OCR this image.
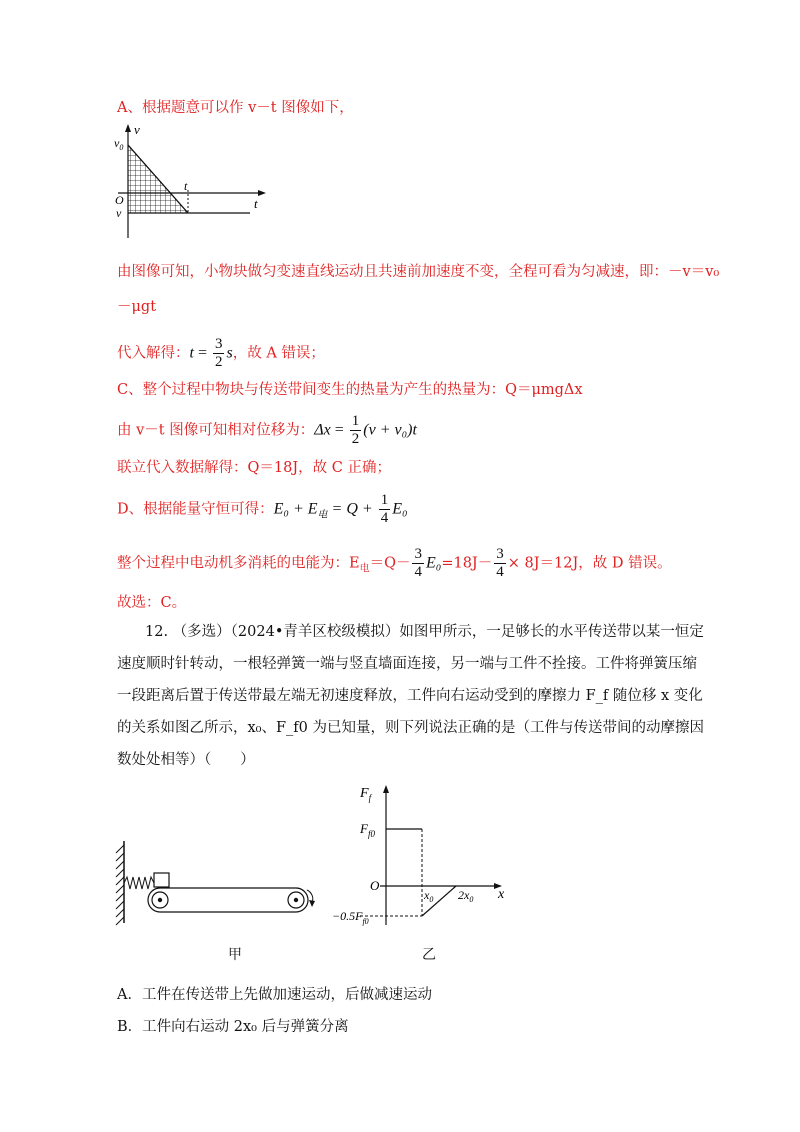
A、根据题意可以作 v－t 图像如下，
$v_0$
v
O
t
t
v
由图像可知，小物块做匀变速直线运动且共速前加速度不变，全程可看为匀减速，即：－v＝v₀
－μgt
代入解得：$t = \frac{3}{2}$ s，故 A 错误；
C、整个过程中物块与传送带间变生的热量为产生的热量为：Q＝μmgΔx
由 v－t 图像可知相对位移为：$\Delta x = \frac{1}{2} (v + v_0)t$
联立代入数据解得：Q＝18J，故 C 正确；
D、根据能量守恒可得：$E_0 + E_电 = Q + \frac{1}{4} E_0$
整个过程中电动机多消耗的电能为：$E_电=Q- \frac{3}{4} E_0=18J- \frac{3}{4} \times 8J=12J$，故 D 错误。
故选：C。
12. （多选）（2024•青羊区校级模拟）如图甲所示，一足够长的水平传送带以某一恒定速度顺时针转动，一根轻弹簧一端与竖直墙面连接，另一端与工件不拴接。工件将弹簧压缩一段距离后置于传送带最左端无初速度释放，工件向右运动受到的摩擦力 F_f 随位移 x 变化的关系如图乙所示，x₀、F_f0 为已知量，则下列说法正确的是（工件与传送带间的动摩擦因数处处相等）（　　）
甲
$F_f$
$F_{f0}$
O
$x_0$ $2x_0$ x
$-0.5F_{f0}$
乙
A．工件在传送带上先做加速运动，后做减速运动
B．工件向右运动 2x₀ 后与弹簧分离
